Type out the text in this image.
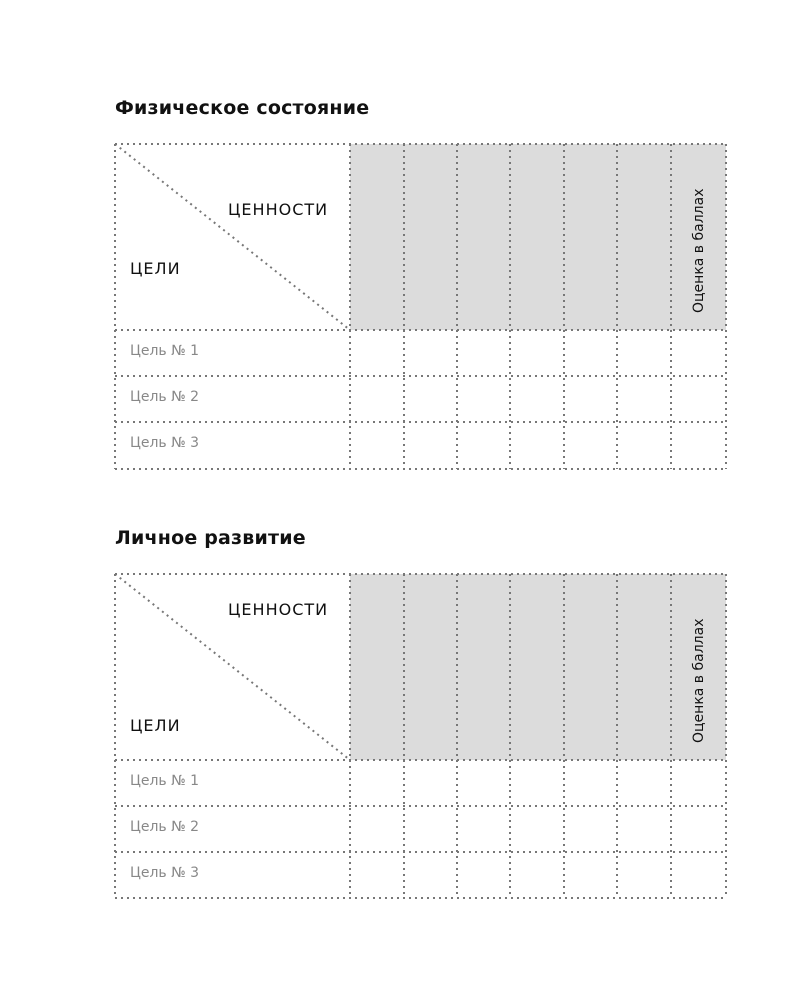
Физическое состояние

ЦЕННОСТИ

ЦЕЛИ	Оценка в баллах

Цель № 1

Цель № 2

Цель № 3

Личное развитие

ЦЕННОСТИ

ЦЕЛИ	Оценка в баллах

Цель № 1

Цель № 2

Цель № 3
